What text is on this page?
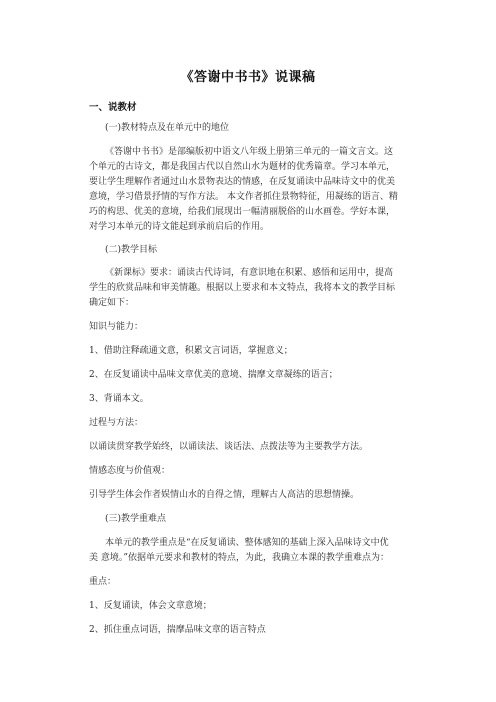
《答谢中书书》说课稿
一、说教材
(一)教材特点及在单元中的地位
《答谢中书书》是部编版初中语文八年级上册第三单元的一篇文言文。这
个单元的古诗文，都是我国古代以自然山水为题材的优秀篇章。学习本单元，
要让学生理解作者通过山水景物表达的情感，在反复诵读中品味诗文中的优美
意境，学习借景抒情的写作方法。 本文作者抓住景物特征，用凝练的语言、精
巧的构思、优美的意境，给我们展现出一幅清丽脱俗的山水画卷。学好本课，
对学习本单元的诗文能起到承前启后的作用。
(二)教学目标
《新课标》要求：诵读古代诗词，有意识地在积累、感悟和运用中，提高
学生的欣赏品味和审美情趣。根据以上要求和本文特点，我将本文的教学目标
确定如下：
知识与能力：
1、借助注释疏通文意，积累文言词语，掌握意义；
2、在反复诵读中品味文章优美的意境、揣摩文章凝练的语言；
3、背诵本文。
过程与方法：
以诵读贯穿教学始终，以诵读法、谈话法、点拨法等为主要教学方法。
情感态度与价值观：
引导学生体会作者娱情山水的自得之情，理解古人高洁的思想情操。
(三)教学重难点
本单元的教学重点是“在反复诵读、整体感知的基础上深入品味诗文中优
美 意境。”依据单元要求和教材的特点，为此，我确立本课的教学重难点为：
重点：
1、反复诵读，体会文章意境；
2、抓住重点词语，揣摩品味文章的语言特点
